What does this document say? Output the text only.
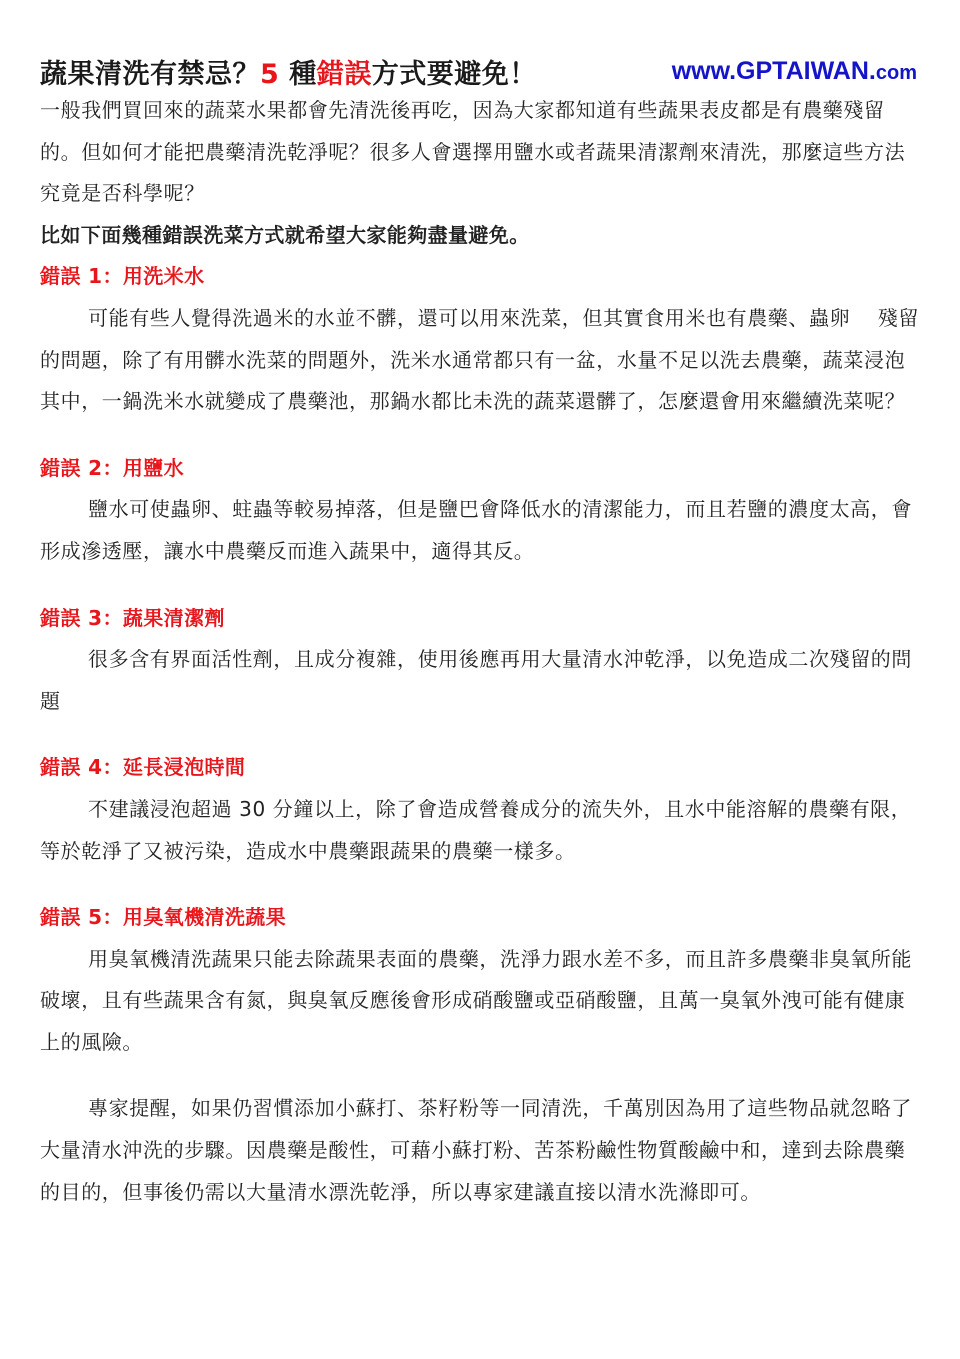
蔬果清洗有禁忌？5 種錯誤方式要避免！	www.GPTAIWAN.com

一般我們買回來的蔬菜水果都會先清洗後再吃，因為大家都知道有些蔬果表皮都是有農藥殘留的。但如何才能把農藥清洗乾淨呢？很多人會選擇用鹽水或者蔬果清潔劑來清洗，那麼這些方法究竟是否科學呢？

比如下面幾種錯誤洗菜方式就希望大家能夠盡量避免。
錯誤 1：用洗米水

可能有些人覺得洗過米的水並不髒，還可以用來洗菜，但其實食用米也有農藥、蟲卵　 殘留的問題，除了有用髒水洗菜的問題外，洗米水通常都只有一盆，水量不足以洗去農藥，蔬菜浸泡其中，一鍋洗米水就變成了農藥池，那鍋水都比未洗的蔬菜還髒了，怎麼還會用來繼續洗菜呢？

錯誤 2：用鹽水

鹽水可使蟲卵、蛀蟲等較易掉落，但是鹽巴會降低水的清潔能力，而且若鹽的濃度太高，會形成滲透壓，讓水中農藥反而進入蔬果中，適得其反。

錯誤 3：蔬果清潔劑

很多含有界面活性劑，且成分複雜，使用後應再用大量清水沖乾淨，以免造成二次殘留的問題

錯誤 4：延長浸泡時間

不建議浸泡超過 30 分鐘以上，除了會造成營養成分的流失外，且水中能溶解的農藥有限，等於乾淨了又被污染，造成水中農藥跟蔬果的農藥一樣多。

錯誤 5：用臭氧機清洗蔬果

用臭氧機清洗蔬果只能去除蔬果表面的農藥，洗淨力跟水差不多，而且許多農藥非臭氧所能破壞，且有些蔬果含有氮，與臭氧反應後會形成硝酸鹽或亞硝酸鹽，且萬一臭氧外洩可能有健康上的風險。

專家提醒，如果仍習慣添加小蘇打、茶籽粉等一同清洗，千萬別因為用了這些物品就忽略了大量清水沖洗的步驟。因農藥是酸性，可藉小蘇打粉、苦茶粉鹼性物質酸鹼中和，達到去除農藥的目的，但事後仍需以大量清水漂洗乾淨，所以專家建議直接以清水洗滌即可。
